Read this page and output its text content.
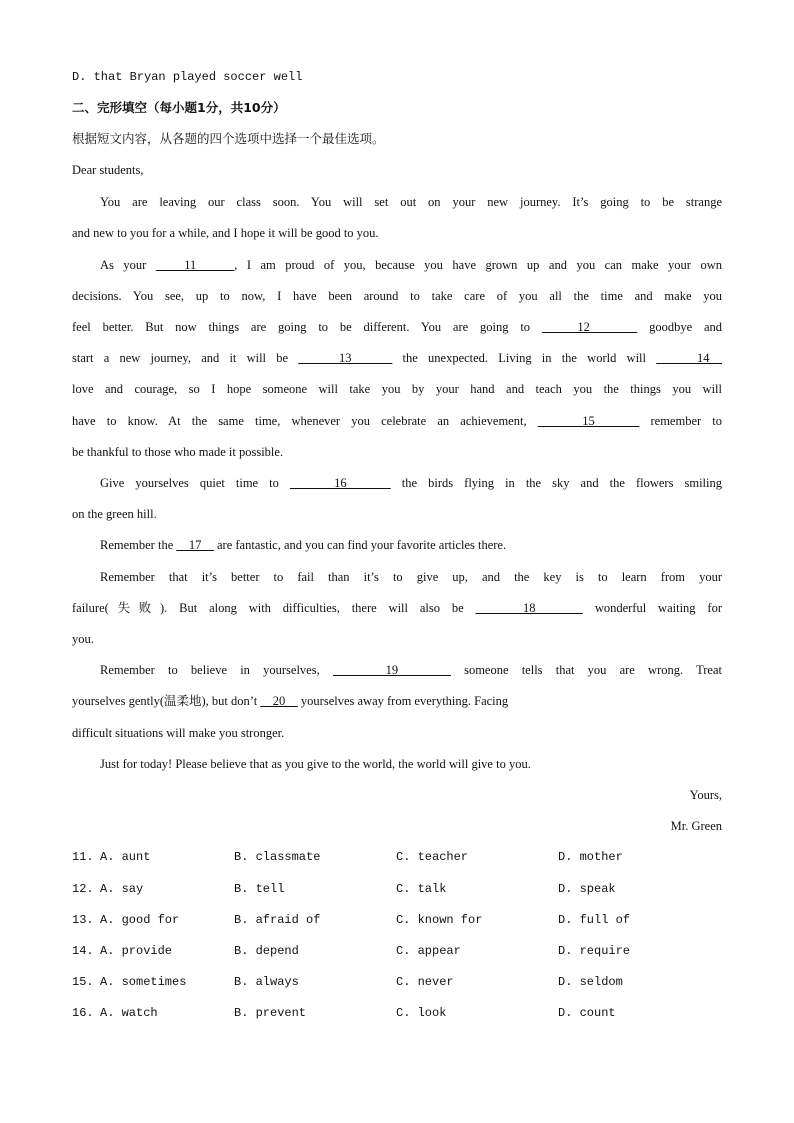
D. that Bryan played soccer well
二、完形填空（每小题1分，共10分）
根据短文内容，从各题的四个选项中选择一个最佳选项。
Dear students,
You are leaving our class soon. You will set out on your new journey. It’s going to be strange
and new to you for a while, and I hope it will be good to you.
As your    11    , I am proud of you, because you have grown up and you can make your own
decisions. You see, up to now, I have been around to take care of you all the time and make you
feel better. But now things are going to be different. You are going to    12     goodbye and
start a new journey, and it will be     13     the unexpected. Living in the world will     14
love and courage, so I hope someone will take you by your hand and teach you the things you will
have to know. At the same time, whenever you celebrate an achievement,     15     remember to
be thankful to those who made it possible.
Give yourselves quiet time to     16     the birds flying in the sky and the flowers smiling
on the green hill.
Remember the     17     are fantastic, and you can find your favorite articles there.
Remember that it’s better to fail than it’s to give up, and the key is to learn from your
failure(失败). But along with difficulties, there will also be     18     wonderful waiting for
you.
Remember to believe in yourselves,     19     someone tells that you are wrong. Treat
yourselves gently(温柔地), but don’t     20     yourselves away from everything. Facing
difficult situations will make you stronger.
Just for today! Please believe that as you give to the world, the world will give to you.
Yours,
Mr. Green
11. A. aunt	B. classmate	C. teacher	D. mother
12. A. say	B. tell	C. talk	D. speak
13. A. good for	B. afraid of	C. known for	D. full of
14. A. provide	B. depend	C. appear	D. require
15. A. sometimes	B. always	C. never	D. seldom
16. A. watch	B. prevent	C. look	D. count
